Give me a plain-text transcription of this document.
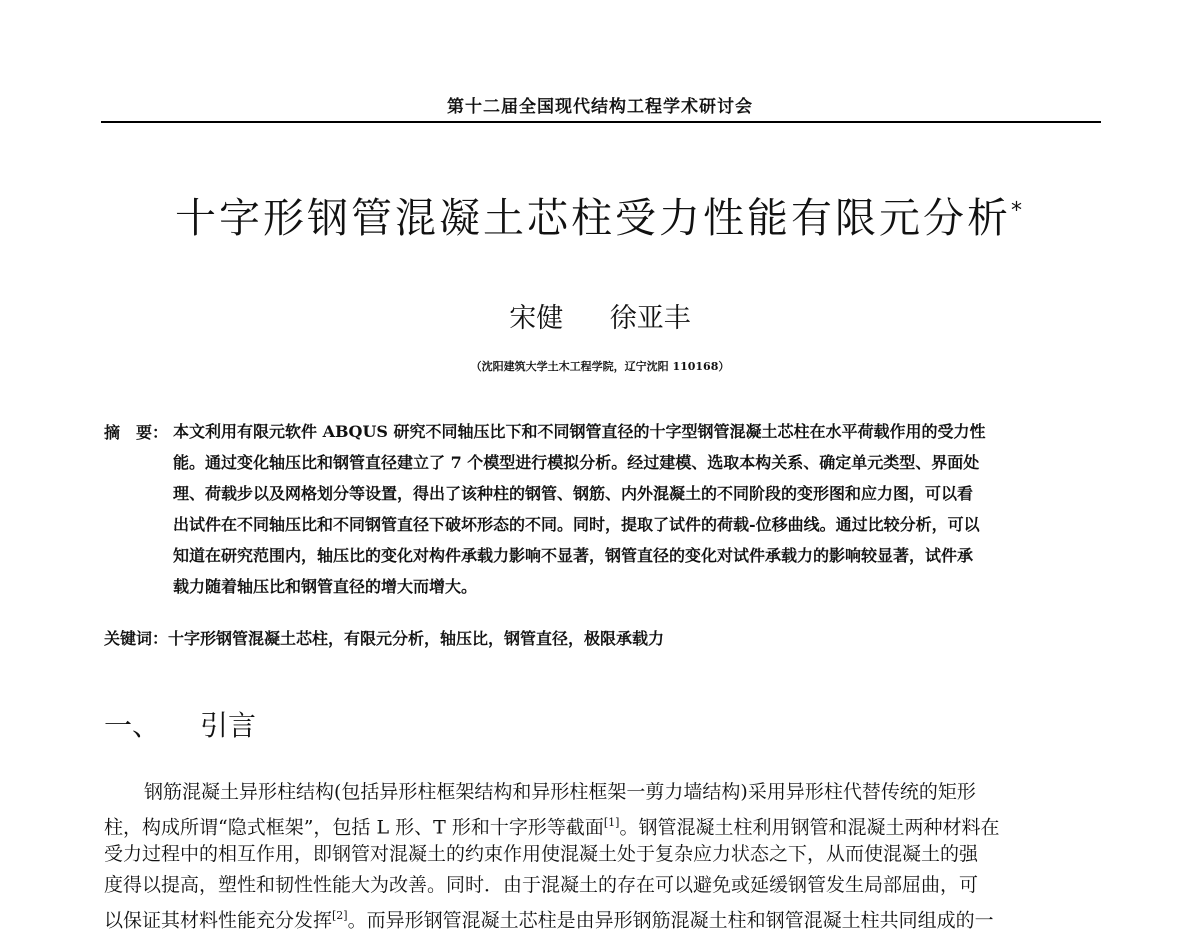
第十二届全国现代结构工程学术研讨会
十字形钢管混凝土芯柱受力性能有限元分析*
宋健 徐亚丰
（沈阳建筑大学土木工程学院，辽宁沈阳 110168）
摘　要： 本文利用有限元软件 ABQUS 研究不同轴压比下和不同钢管直径的十字型钢管混凝土芯柱在水平荷载作用的受力性
能。通过变化轴压比和钢管直径建立了 7 个模型进行模拟分析。经过建模、选取本构关系、确定单元类型、界面处
理、荷载步以及网格划分等设置，得出了该种柱的钢管、钢筋、内外混凝土的不同阶段的变形图和应力图，可以看
出试件在不同轴压比和不同钢管直径下破坏形态的不同。同时，提取了试件的荷载-位移曲线。通过比较分析，可以
知道在研究范围内，轴压比的变化对构件承载力影响不显著，钢管直径的变化对试件承载力的影响较显著，试件承
载力随着轴压比和钢管直径的增大而增大。
关键词：十字形钢管混凝土芯柱，有限元分析，轴压比，钢管直径，极限承载力
一、 引言
钢筋混凝土异形柱结构(包括异形柱框架结构和异形柱框架一剪力墙结构)采用异形柱代替传统的矩形
柱，构成所谓“隐式框架”，包括 L 形、T 形和十字形等截面[1]。钢管混凝土柱利用钢管和混凝土两种材料在
受力过程中的相互作用，即钢管对混凝土的约束作用使混凝土处于复杂应力状态之下，从而使混凝土的强
度得以提高，塑性和韧性性能大为改善。同时．由于混凝土的存在可以避免或延缓钢管发生局部屈曲，可
以保证其材料性能充分发挥[2]。而异形钢管混凝土芯柱是由异形钢筋混凝土柱和钢管混凝土柱共同组成的一
